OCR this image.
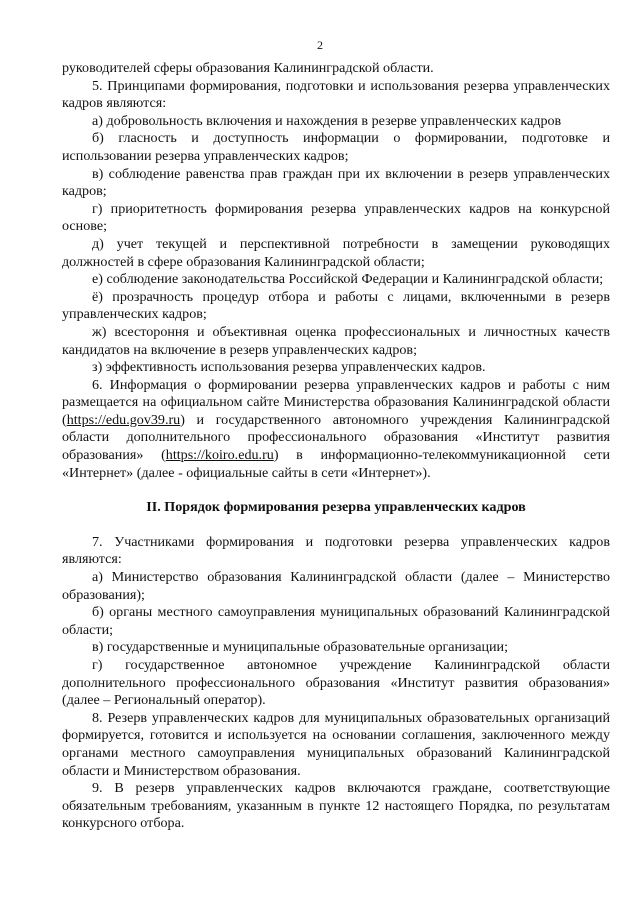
2

руководителей сферы образования Калининградской области.

5. Принципами формирования, подготовки и использования резерва управленческих кадров являются:

а) добровольность включения и нахождения в резерве управленческих кадров

б) гласность и доступность информации о формировании, подготовке и использовании резерва управленческих кадров;

в) соблюдение равенства прав граждан при их включении в резерв управленческих кадров;

г) приоритетность формирования резерва управленческих кадров на конкурсной основе;

д) учет текущей и перспективной потребности в замещении руководящих должностей в сфере образования Калининградской области;

е) соблюдение законодательства Российской Федерации и Калининградской области;

ё) прозрачность процедур отбора и работы с лицами, включенными в резерв управленческих кадров;

ж) всестороння и объективная оценка профессиональных и личностных качеств кандидатов на включение в резерв управленческих кадров;

з) эффективность использования резерва управленческих кадров.

6. Информация о формировании резерва управленческих кадров и работы с ним размещается на официальном сайте Министерства образования Калининградской области (https://edu.gov39.ru) и государственного автономного учреждения Калининградской области дополнительного профессионального образования «Институт развития образования» (https://koiro.edu.ru) в информационно-телекоммуникационной сети «Интернет» (далее - официальные сайты в сети «Интернет»).

II. Порядок формирования резерва управленческих кадров

7. Участниками формирования и подготовки резерва управленческих кадров являются:

а) Министерство образования Калининградской области (далее – Министерство образования);

б) органы местного самоуправления муниципальных образований Калининградской области;

в) государственные и муниципальные образовательные организации;

г) государственное автономное учреждение Калининградской области дополнительного профессионального образования «Институт развития образования» (далее – Региональный оператор).

8. Резерв управленческих кадров для муниципальных образовательных организаций формируется, готовится и используется на основании соглашения, заключенного между органами местного самоуправления муниципальных образований Калининградской области и Министерством образования.

9. В резерв управленческих кадров включаются граждане, соответствующие обязательным требованиям, указанным в пункте 12 настоящего Порядка, по результатам конкурсного отбора.
